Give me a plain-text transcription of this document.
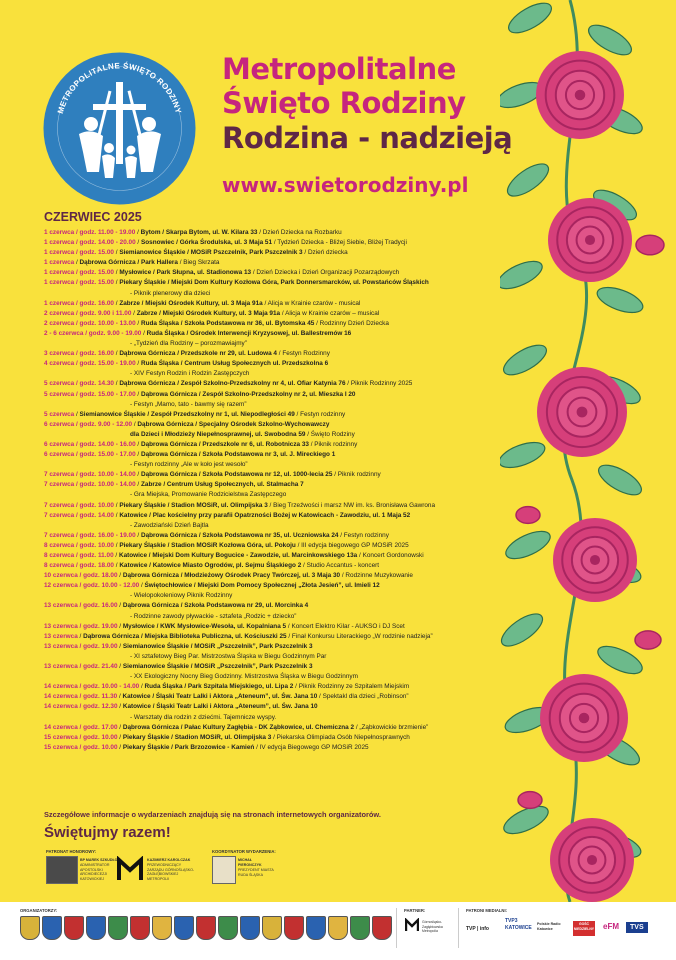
METROPOLITALNE ŚWIĘTO RODZINY
Metropolitalne
Święto Rodziny
Rodzina - nadzieją
www.swietorodziny.pl
CZERWIEC 2025
1 czerwca / godz. 11.00 - 19.00 / Bytom / Skarpa Bytom, ul. W. Kilara 33 / Dzień Dziecka na Rozbarku
1 czerwca / godz. 14.00 - 20.00 / Sosnowiec / Górka Środulska, ul. 3 Maja 51 / Tydzień Dziecka - Bliżej Siebie, Bliżej Tradycji
1 czerwca / godz. 15.00 / Siemianowice Śląskie / MOSiR Pszczelnik, Park Pszczelnik 3 / Dzień dziecka
1 czerwca / Dąbrowa Górnicza / Park Hallera / Bieg Skrzata
1 czerwca / godz. 15.00 / Mysłowice / Park Słupna, ul. Stadionowa 13 / Dzień Dziecka i Dzień Organizacji Pozarządowych
1 czerwca / godz. 15.00 / Piekary Śląskie / Miejski Dom Kultury Kozłowa Góra, Park Donnersmarcków, ul. Powstańców Śląskich
- Piknik plenerowy dla dzieci
1 czerwca / godz. 16.00 / Zabrze / Miejski Ośrodek Kultury, ul. 3 Maja 91a / Alicja w Krainie czarów - musical
2 czerwca / godz. 9.00 i 11.00 / Zabrze / Miejski Ośrodek Kultury, ul. 3 Maja 91a / Alicja w Krainie czarów – musical
2 czerwca / godz. 10.00 - 13.00 / Ruda Śląska / Szkoła Podstawowa nr 36, ul. Bytomska 45 / Rodzinny Dzień Dziecka
2 - 6 czerwca / godz. 9.00 - 19.00 / Ruda Śląska / Ośrodek Interwencji Kryzysowej, ul. Ballestremów 16
- „Tydzień dla Rodziny – porozmawiajmy”
3 czerwca / godz. 16.00 / Dąbrowa Górnicza / Przedszkole nr 29, ul. Ludowa 4 / Festyn Rodzinny
4 czerwca / godz. 15.00 - 19.00 / Ruda Śląska / Centrum Usług Społecznych ul. Przedszkolna 6
- XIV Festyn Rodzin i Rodzin Zastępczych
5 czerwca / godz. 14.30 / Dąbrowa Górnicza / Zespół Szkolno-Przedszkolny nr 4, ul. Ofiar Katynia 76 / Piknik Rodzinny 2025
5 czerwca / godz. 15.00 - 17.00 / Dąbrowa Górnicza / Zespół Szkolno-Przedszkolny nr 2, ul. Mieszka I 20
- Festyn „Mamo, tato - bawmy się razem”
5 czerwca / Siemianowice Śląskie / Zespół Przedszkolny nr 1, ul. Niepodległości 49 / Festyn rodzinny
6 czerwca / godz. 9.00 - 12.00 / Dąbrowa Górnicza / Specjalny Ośrodek Szkolno-Wychowawczy
dla Dzieci i Młodzieży Niepełnosprawnej, ul. Swobodna 59 / Święto Rodziny
6 czerwca / godz. 14.00 - 16.00 / Dąbrowa Górnicza / Przedszkole nr 6, ul. Robotnicza 33 / Piknik rodzinny
6 czerwca / godz. 15.00 - 17.00 / Dąbrowa Górnicza / Szkoła Podstawowa nr 3, ul. J. Mireckiego 1
- Festyn rodzinny „Ale w koło jest wesoło”
7 czerwca / godz. 10.00 - 14.00 / Dąbrowa Górnicza / Szkoła Podstawowa nr 12, ul. 1000-lecia 25 / Piknik rodzinny
7 czerwca / godz. 10.00 - 14.00 / Zabrze / Centrum Usług Społecznych, ul. Stalmacha 7
- Gra Miejska, Promowanie Rodzicielstwa Zastępczego
7 czerwca / godz. 10.00 / Piekary Śląskie / Stadion MOSiR, ul. Olimpijska 3 / Bieg Trzeźwości i marsz NW im. ks. Bronisława Gawrona
7 czerwca / godz. 14.00 / Katowice / Plac kościelny przy parafii Opatrzności Bożej w Katowicach - Zawodziu, ul. 1 Maja 52
- Zawodziański Dzień Bajtla
7 czerwca / godz. 16.00 - 19.00 / Dąbrowa Górnicza / Szkoła Podstawowa nr 35, ul. Uczniowska 24 / Festyn rodzinny
8 czerwca / godz. 10.00 / Piekary Śląskie / Stadion MOSiR Kozłowa Góra, ul. Pokoju / III edycja biegowego GP MOSiR 2025
8 czerwca / godz. 11.00 / Katowice / Miejski Dom Kultury Bogucice - Zawodzie, ul. Marcinkowskiego 13a / Koncert Gordonowski
8 czerwca / godz. 18.00 / Katowice / Katowice Miasto Ogrodów, pl. Sejmu Śląskiego 2 / Studio Accantus - koncert
10 czerwca / godz. 18.00 / Dąbrowa Górnicza / Młodzieżowy Ośrodek Pracy Twórczej, ul. 3 Maja 30 / Rodzinne Muzykowanie
12 czerwca / godz. 10.00 - 12.00 / Świętochłowice / Miejski Dom Pomocy Społecznej „Złota Jesień”, ul. Imieli 12
- Wielopokoleniowy Piknik Rodzinny
13 czerwca / godz. 16.00 / Dąbrowa Górnicza / Szkoła Podstawowa nr 29, ul. Morcinka 4
- Rodzinne zawody pływackie - sztafeta „Rodzic + dziecko”
13 czerwca / godz. 19.00 / Mysłowice / KWK Mysłowice-Wesoła, ul. Kopalniana 5 / Koncert Elektro Kilar - AUKSO i DJ Scet
13 czerwca / Dąbrowa Górnicza / Miejska Biblioteka Publiczna, ul. Kościuszki 25 / Finał Konkursu Literackiego „W rodzinie nadzieja”
13 czerwca / godz. 19.00 / Siemianowice Śląskie / MOSiR „Pszczelnik”, Park Pszczelnik 3
- XI sztafetowy Bieg Par. Mistrzostwa Śląska w Biegu Godzinnym Par
13 czerwca / godz. 21.40 / Siemianowice Śląskie / MOSiR „Pszczelnik”, Park Pszczelnik 3
- XX Ekologiczny Nocny Bieg Godzinny. Mistrzostwa Śląska w Biegu Godzinnym
14 czerwca / godz. 10.00 - 14.00 / Ruda Śląska / Park Szpitala Miejskiego, ul. Lipa 2 / Piknik Rodzinny ze Szpitalem Miejskim
14 czerwca / godz. 11.30 / Katowice / Śląski Teatr Lalki i Aktora „Ateneum”, ul. Św. Jana 10 / Spektakl dla dzieci „Robinson”
14 czerwca / godz. 12.30 / Katowice / Śląski Teatr Lalki i Aktora „Ateneum”, ul. Św. Jana 10
- Warsztaty dla rodzin z dziećmi. Tajemnicze wyspy.
14 czerwca / godz. 17.00 / Dąbrowa Górnicza / Pałac Kultury Zagłębia - DK Ząbkowice, ul. Chemiczna 2 / „Ząbkowickie brzmienie”
15 czerwca / godz. 10.00 / Piekary Śląskie / Stadion MOSiR, ul. Olimpijska 3 / Piekarska Olimpiada Osób Niepełnosprawnych
15 czerwca / godz. 10.00 / Piekary Śląskie / Park Brzozowice - Kamień / IV edycja Biegowego GP MOSiR 2025
Szczegółowe informacje o wydarzeniach znajdują się na stronach internetowych organizatorów.
Świętujmy razem!
PATRONAT HONOROWY:
BP MAREK SZKUDŁO
ADMINISTRATOR APOSTOLSKI ARCHIDIECEZJI KATOWICKIEJ
KAZIMIERZ KAROLCZAK
PRZEWODNICZĄCY ZARZĄDU GÓRNOŚLĄSKO-ZAGŁĘBIOWSKIEJ METROPOLII
KOORDYNATOR WYDARZENIA:
MICHAŁ PIERONCZYK
PREZYDENT MIASTA RUDA ŚLĄSKA
ORGANIZATORZY:	PARTNER:
Górnośląsko-Zagłębiowska Metropolia
PATRONI MEDIALNI:
TVP | info
TVP3 KATOWICE
Polskie Radio Katowice
GOŚĆ NIEDZIELNY eFM	TVS
